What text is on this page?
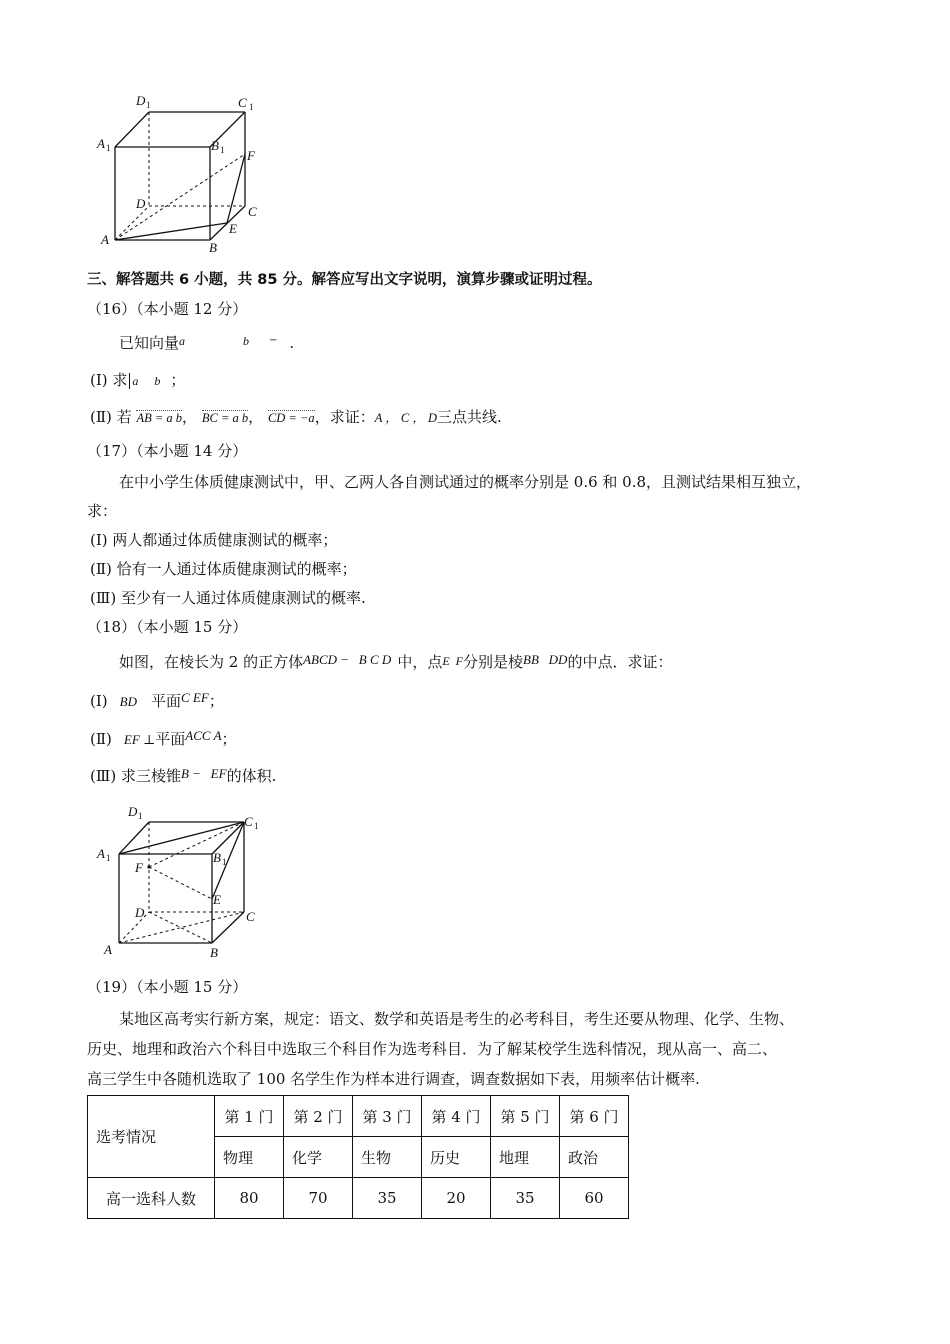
D 1	C 1
A 1	B 1 F
D
C
A
E
B
三、解答题共 6 小题，共 85 分。解答应写出文字说明，演算步骤或证明过程。
（16）（本小题 12 分）
已知向量$^a$	$^b$ − .
(Ⅰ) 求 a b ；
(Ⅱ) 若 AB = a b， BC = a b， CD = −a，求证：A ， C ， D三点共线.
（17）（本小题 14 分）
在中小学生体质健康测试中，甲、乙两人各自测试通过的概率分别是 0.6 和 0.8，且测试结果相互独立，
求：
(Ⅰ) 两人都通过体质健康测试的概率；
(Ⅱ) 恰有一人通过体质健康测试的概率；
(Ⅲ) 至少有一人通过体质健康测试的概率.
（18）（本小题 15 分）
如图，在棱长为 2 的正方体ABCD −   B C D 中，点E  F分别是棱BB   DD的中点．求证：
(Ⅰ) BD 平面C EF；
(Ⅱ) EF ⊥平面ACC A；
(Ⅲ) 求三棱锥B −   EF的体积.
D 1	C 1
A 1	B 1
F
E
D	C
A	B
（19）（本小题 15 分）
某地区高考实行新方案，规定：语文、数学和英语是考生的必考科目，考生还要从物理、化学、生物、
历史、地理和政治六个科目中选取三个科目作为选考科目．为了解某校学生选科情况，现从高一、高二、
高三学生中各随机选取了 100 名学生作为样本进行调查，调查数据如下表，用频率估计概率.
选考情况	第 1 门	第 2 门	第 3 门	第 4 门	第 5 门	第 6 门
	物理	化学	生物	历史	地理	政治
高一选科人数	80	70	35	20	35	60
